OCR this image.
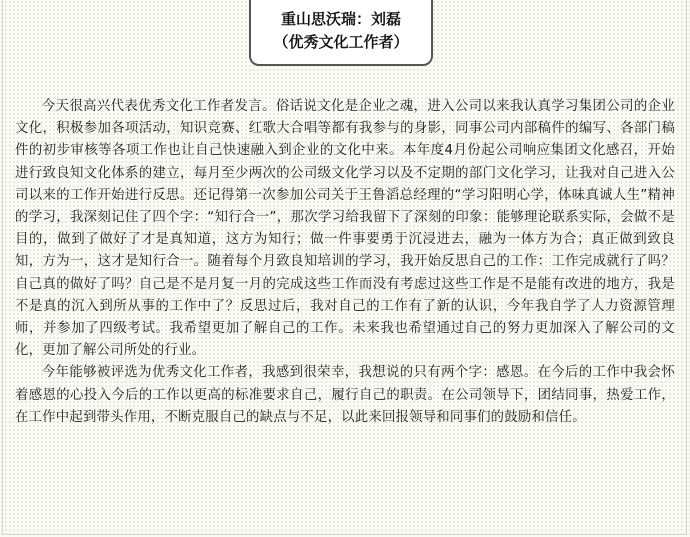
重山思沃瑞：刘磊
（优秀文化工作者）

今天很高兴代表优秀文化工作者发言。俗话说文化是企业之魂，进入公司以来我认真学习集团公司的企业文化，积极参加各项活动，知识竞赛、红歌大合唱等都有我参与的身影，同事公司内部稿件的编写、各部门稿件的初步审核等各项工作也让自己快速融入到企业的文化中来。本年度4月份起公司响应集团文化感召，开始进行致良知文化体系的建立，每月至少两次的公司级文化学习以及不定期的部门文化学习，让我对自己进入公司以来的工作开始进行反思。还记得第一次参加公司关于王鲁滔总经理的“学习阳明心学，体味真诚人生”精神的学习，我深刻记住了四个字：“知行合一”，那次学习给我留下了深刻的印象：能够理论联系实际，会做不是目的，做到了做好了才是真知道，这方为知行；做一件事要勇于沉浸进去，融为一体方为合；真正做到致良知，方为一，这才是知行合一。随着每个月致良知培训的学习，我开始反思自己的工作：工作完成就行了吗？自己真的做好了吗？自己是不是月复一月的完成这些工作而没有考虑过这些工作是不是能有改进的地方，我是不是真的沉入到所从事的工作中了？反思过后，我对自己的工作有了新的认识，今年我自学了人力资源管理师，并参加了四级考试。我希望更加了解自己的工作。未来我也希望通过自己的努力更加深入了解公司的文化，更加了解公司所处的行业。

今年能够被评选为优秀文化工作者，我感到很荣幸，我想说的只有两个字：感恩。在今后的工作中我会怀着感恩的心投入今后的工作以更高的标准要求自己，履行自己的职责。在公司领导下，团结同事，热爱工作，在工作中起到带头作用，不断克服自己的缺点与不足，以此来回报领导和同事们的鼓励和信任。
